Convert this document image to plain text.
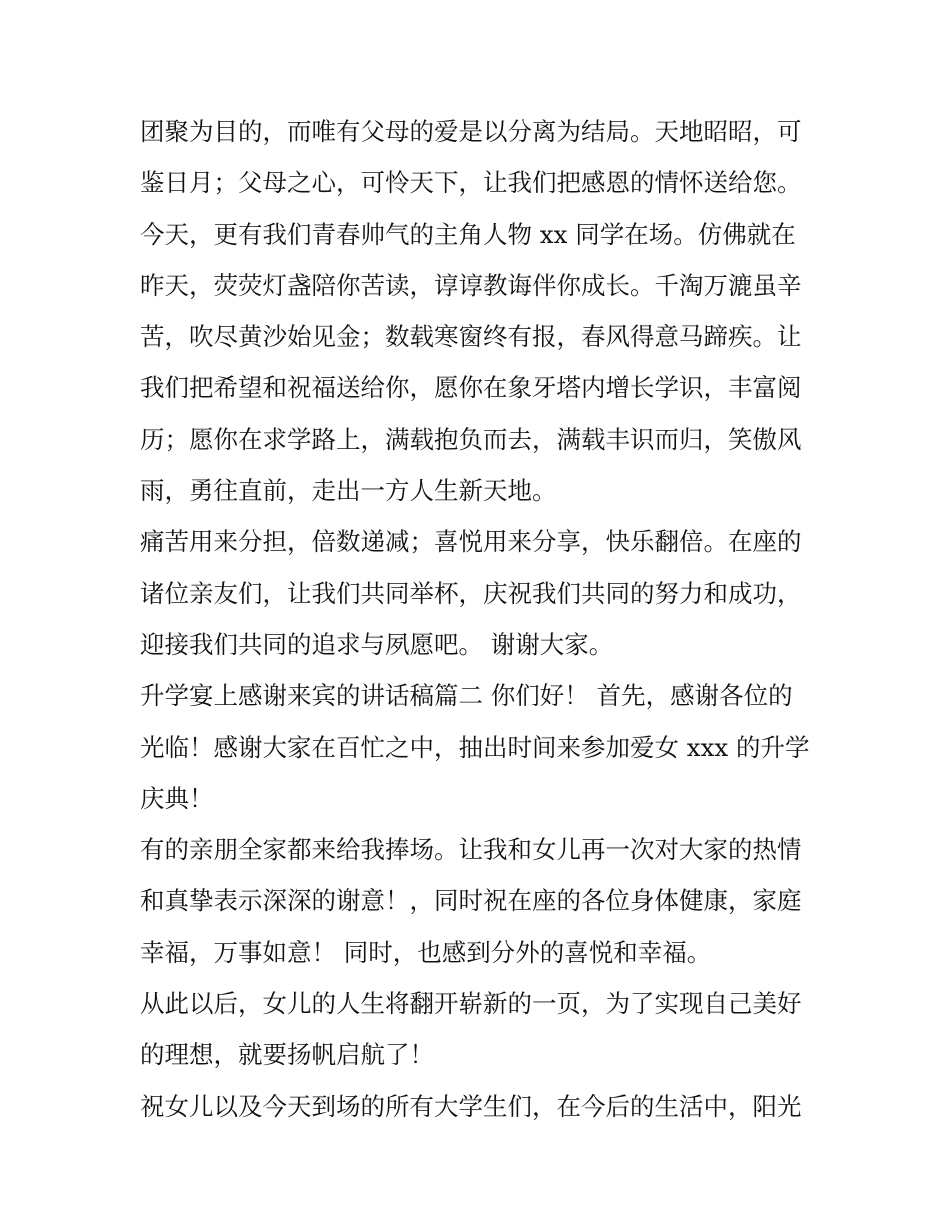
团聚为目的，而唯有父母的爱是以分离为结局。天地昭昭，可
鉴日月；父母之心，可怜天下，让我们把感恩的情怀送给您。
今天，更有我们青春帅气的主角人物 xx 同学在场。仿佛就在
昨天，荧荧灯盏陪你苦读，谆谆教诲伴你成长。千淘万漉虽辛
苦，吹尽黄沙始见金；数载寒窗终有报，春风得意马蹄疾。让
我们把希望和祝福送给你，愿你在象牙塔内增长学识，丰富阅
历；愿你在求学路上，满载抱负而去，满载丰识而归，笑傲风
雨，勇往直前，走出一方人生新天地。
痛苦用来分担，倍数递减；喜悦用来分享，快乐翻倍。在座的
诸位亲友们，让我们共同举杯，庆祝我们共同的努力和成功，
迎接我们共同的追求与夙愿吧。 谢谢大家。
升学宴上感谢来宾的讲话稿篇二 你们好！ 首先，感谢各位的
光临！感谢大家在百忙之中，抽出时间来参加爱女 xxx 的升学
庆典！
有的亲朋全家都来给我捧场。让我和女儿再一次对大家的热情
和真挚表示深深的谢意！，同时祝在座的各位身体健康，家庭
幸福，万事如意！ 同时，也感到分外的喜悦和幸福。
从此以后，女儿的人生将翻开崭新的一页，为了实现自己美好
的理想，就要扬帆启航了！
祝女儿以及今天到场的所有大学生们，在今后的生活中，阳光
